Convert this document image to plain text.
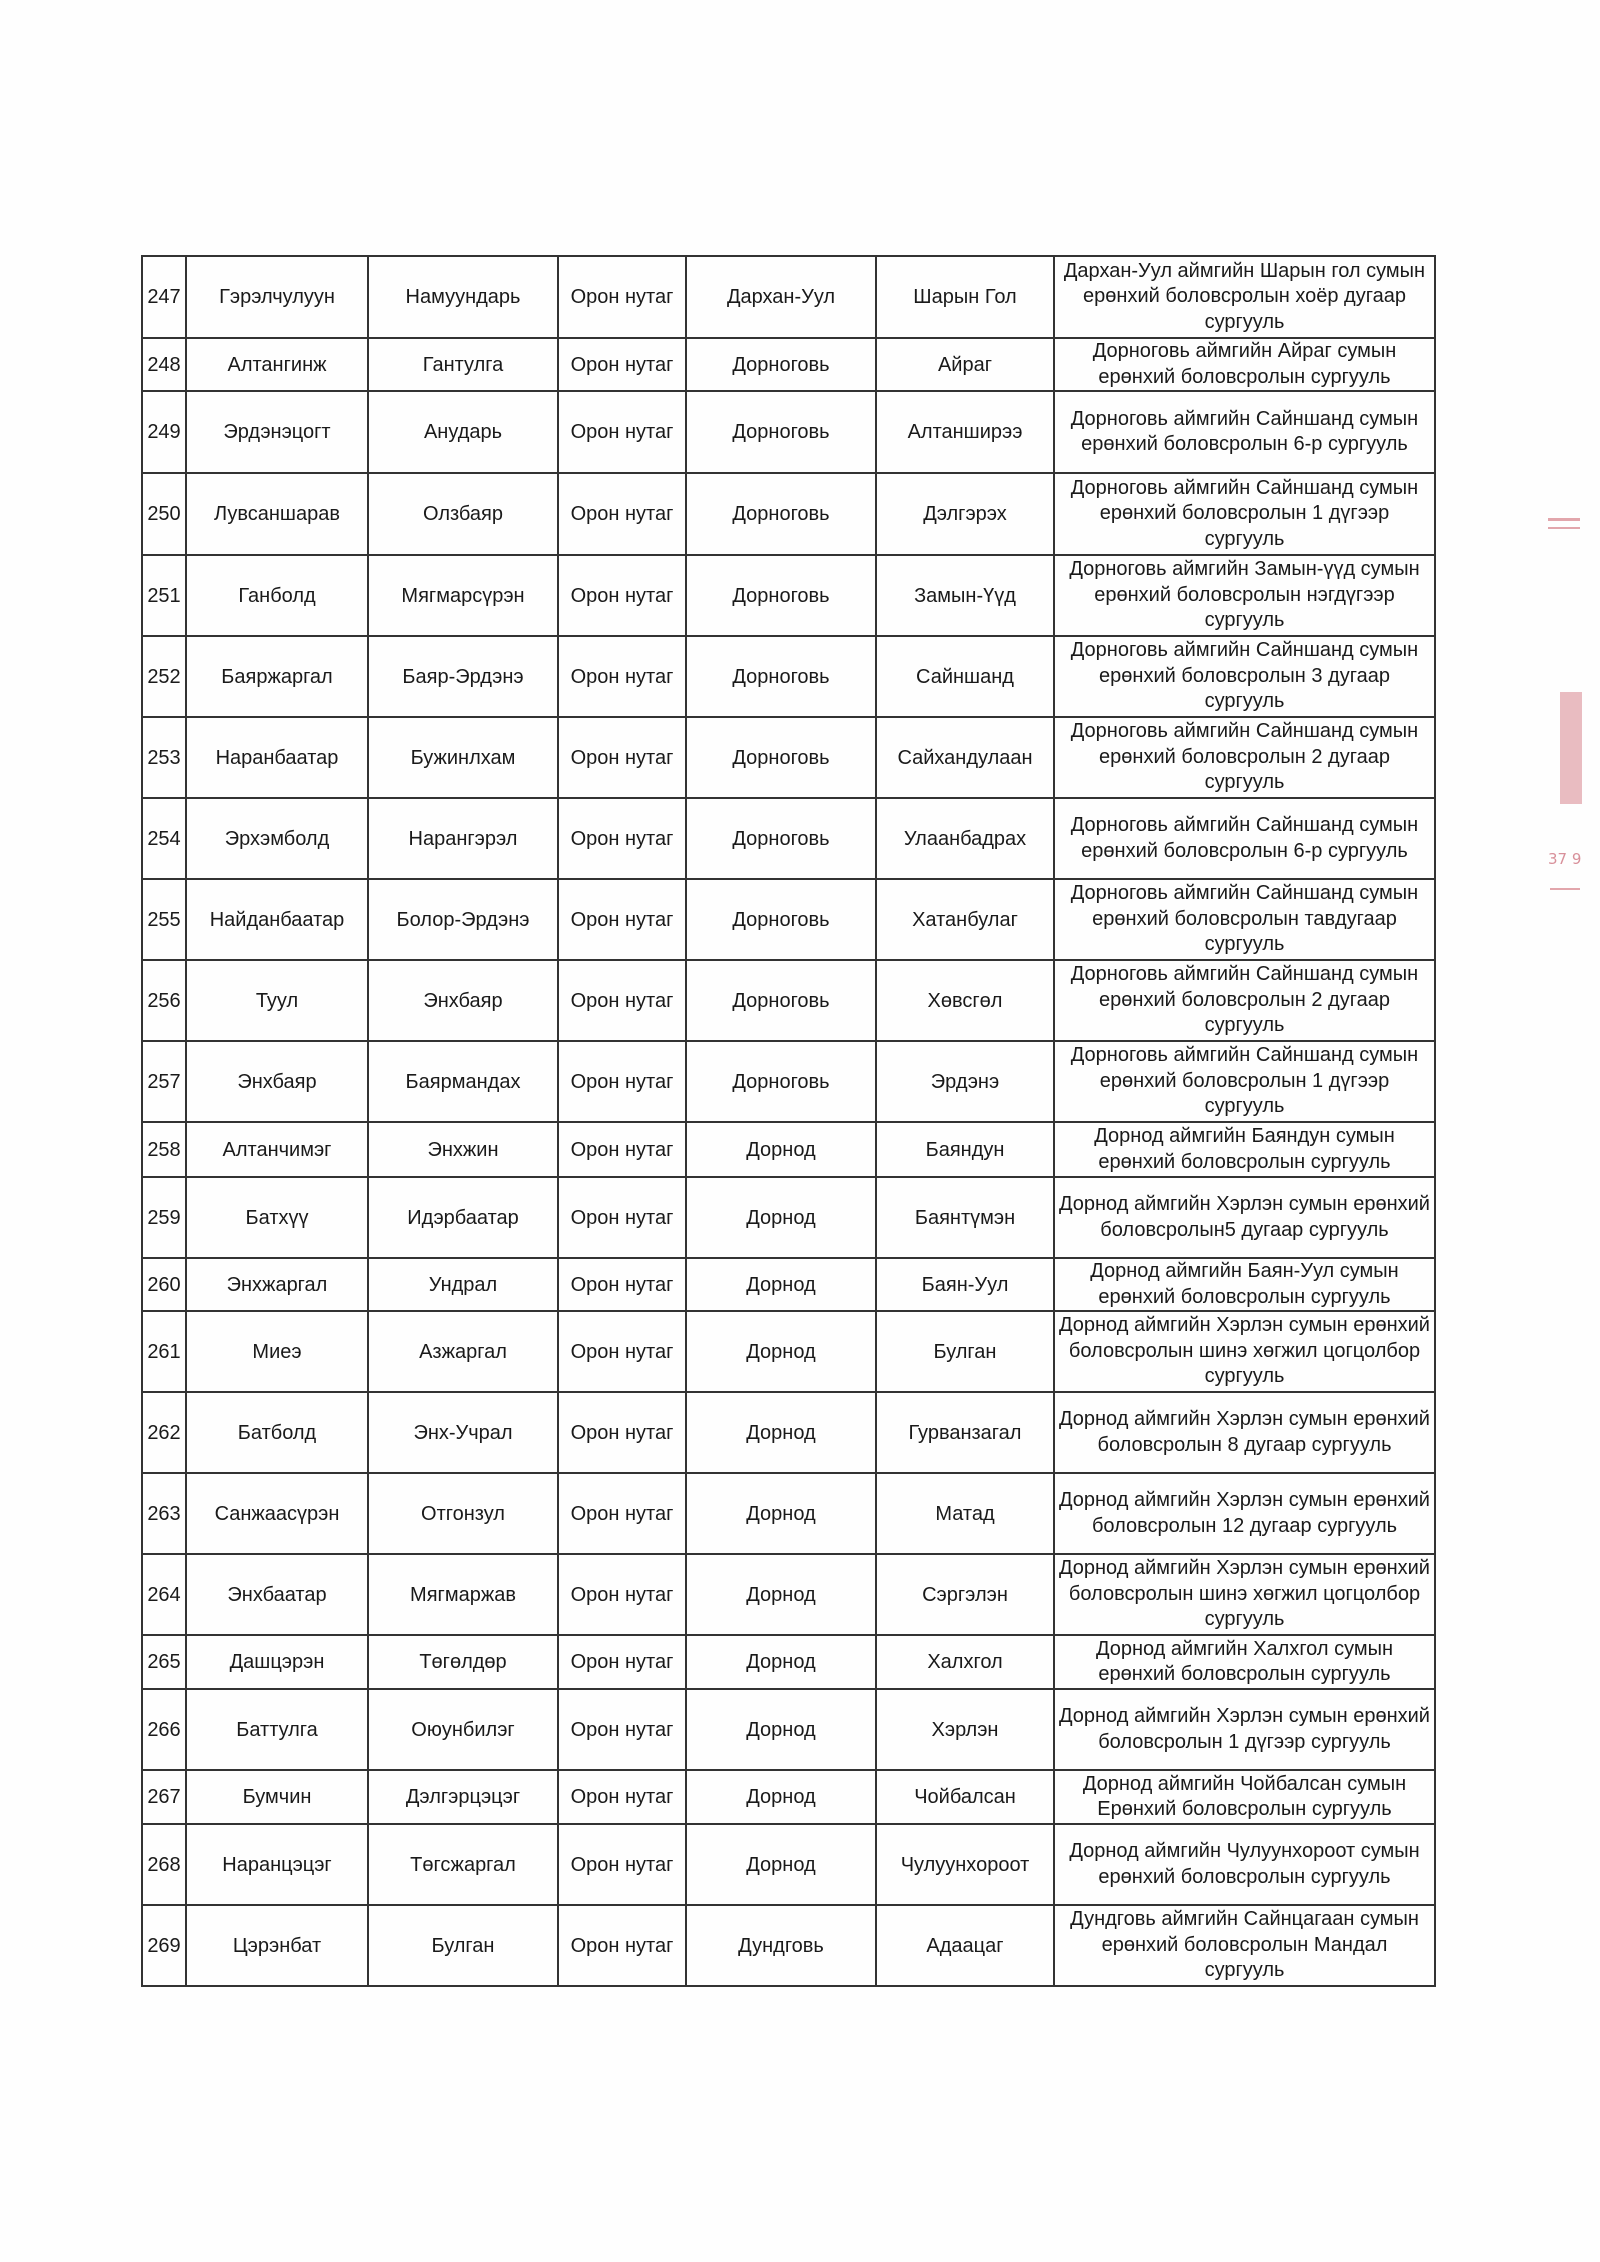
247	Гэрэлчулуун	Намуундарь	Орон нутаг	Дархан-Уул	Шарын Гол	Дархан-Уул аймгийн Шарын гол сумын ерөнхий боловсролын хоёр дугаар сургууль
248	Алтангинж	Гантулга	Орон нутаг	Дорноговь	Айраг	Дорноговь аймгийн Айраг сумын ерөнхий боловсролын сургууль
249	Эрдэнэцогт	Анударь	Орон нутаг	Дорноговь	Алтанширээ	Дорноговь аймгийн Сайншанд сумын ерөнхий боловсролын 6-р сургууль
250	Лувсаншарав	Олзбаяр	Орон нутаг	Дорноговь	Дэлгэрэх	Дорноговь аймгийн Сайншанд сумын ерөнхий боловсролын 1 дүгээр сургууль
251	Ганболд	Мягмарсүрэн	Орон нутаг	Дорноговь	Замын-Үүд	Дорноговь аймгийн Замын-үүд сумын ерөнхий боловсролын нэгдүгээр сургууль
252	Баяржаргал	Баяр-Эрдэнэ	Орон нутаг	Дорноговь	Сайншанд	Дорноговь аймгийн Сайншанд сумын ерөнхий боловсролын 3 дугаар сургууль
253	Наранбаатар	Бужинлхам	Орон нутаг	Дорноговь	Сайхандулаан	Дорноговь аймгийн Сайншанд сумын ерөнхий боловсролын 2 дугаар сургууль
254	Эрхэмболд	Нарангэрэл	Орон нутаг	Дорноговь	Улаанбадрах	Дорноговь аймгийн Сайншанд сумын ерөнхий боловсролын 6-р сургууль
255	Найданбаатар	Болор-Эрдэнэ	Орон нутаг	Дорноговь	Хатанбулаг	Дорноговь аймгийн Сайншанд сумын ерөнхий боловсролын тавдугаар сургууль
256	Туул	Энхбаяр	Орон нутаг	Дорноговь	Хөвсгөл	Дорноговь аймгийн Сайншанд сумын ерөнхий боловсролын 2 дугаар сургууль
257	Энхбаяр	Баярмандах	Орон нутаг	Дорноговь	Эрдэнэ	Дорноговь аймгийн Сайншанд сумын ерөнхий боловсролын 1 дүгээр сургууль
258	Алтанчимэг	Энхжин	Орон нутаг	Дорнод	Баяндун	Дорнод аймгийн Баяндун сумын ерөнхий боловсролын сургууль
259	Батхүү	Идэрбаатар	Орон нутаг	Дорнод	Баянтүмэн	Дорнод аймгийн Хэрлэн сумын ерөнхий боловсролын5 дугаар сургууль
260	Энхжаргал	Ундрал	Орон нутаг	Дорнод	Баян-Уул	Дорнод аймгийн Баян-Уул сумын ерөнхий боловсролын сургууль
261	Миеэ	Азжаргал	Орон нутаг	Дорнод	Булган	Дорнод аймгийн Хэрлэн сумын ерөнхий боловсролын шинэ хөгжил цогцолбор сургууль
262	Батболд	Энх-Учрал	Орон нутаг	Дорнод	Гурванзагал	Дорнод аймгийн Хэрлэн сумын ерөнхий боловсролын 8 дугаар сургууль
263	Санжаасүрэн	Отгонзул	Орон нутаг	Дорнод	Матад	Дорнод аймгийн Хэрлэн сумын ерөнхий боловсролын 12 дугаар сургууль
264	Энхбаатар	Мягмаржав	Орон нутаг	Дорнод	Сэргэлэн	Дорнод аймгийн Хэрлэн сумын ерөнхий боловсролын шинэ хөгжил цогцолбор сургууль
265	Дашцэрэн	Төгөлдөр	Орон нутаг	Дорнод	Халхгол	Дорнод аймгийн Халхгол сумын ерөнхий боловсролын сургууль
266	Баттулга	Оюунбилэг	Орон нутаг	Дорнод	Хэрлэн	Дорнод аймгийн Хэрлэн сумын ерөнхий боловсролын 1 дүгээр сургууль
267	Бумчин	Дэлгэрцэцэг	Орон нутаг	Дорнод	Чойбалсан	Дорнод аймгийн Чойбалсан сумын Ерөнхий боловсролын сургууль
268	Наранцэцэг	Төгсжаргал	Орон нутаг	Дорнод	Чулуунхороот	Дорнод аймгийн Чулуунхороот сумын ерөнхий боловсролын сургууль
269	Цэрэнбат	Булган	Орон нутаг	Дундговь	Адаацаг	Дундговь аймгийн Сайнцагаан сумын ерөнхий боловсролын Мандал сургууль
37 9
